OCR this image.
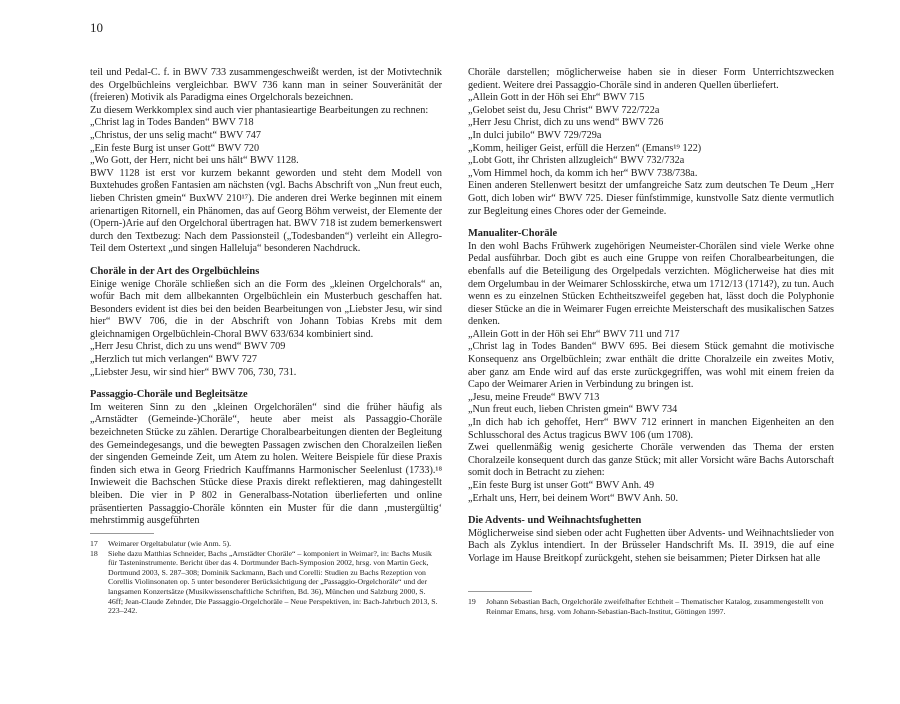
10

teil und Pedal-C. f. in BWV 733 zusammengeschweißt werden, ist der Motivtechnik des Orgelbüchleins vergleichbar. BWV 736 kann man in seiner Souveränität der (freieren) Motivik als Paradigma eines Orgelchorals bezeichnen.

Zu diesem Werkkomplex sind auch vier phantasieartige Bearbeitungen zu rechnen:

„Christ lag in Todes Banden“ BWV 718

„Christus, der uns selig macht“ BWV 747

„Ein feste Burg ist unser Gott“ BWV 720

„Wo Gott, der Herr, nicht bei uns hält“ BWV 1128.

BWV 1128 ist erst vor kurzem bekannt geworden und steht dem Modell von Buxtehudes großen Fantasien am nächsten (vgl. Bachs Abschrift von „Nun freut euch, lieben Christen gmein“ BuxWV 210¹⁷). Die anderen drei Werke beginnen mit einem arienartigen Ritornell, ein Phänomen, das auf Georg Böhm verweist, der Elemente der (Opern-)Arie auf den Orgelchoral übertragen hat. BWV 718 ist zudem bemerkenswert durch den Textbezug: Nach dem Passionsteil („Todesbanden“) verleiht ein Allegro-Teil dem Ostertext „und singen Halleluja“ besonderen Nachdruck.

Choräle in der Art des Orgelbüchleins

Einige wenige Choräle schließen sich an die Form des „kleinen Orgelchorals“ an, wofür Bach mit dem allbekannten Orgelbüchlein ein Musterbuch geschaffen hat. Besonders evident ist dies bei den beiden Bearbeitungen von „Liebster Jesu, wir sind hier“ BWV 706, die in der Abschrift von Johann Tobias Krebs mit dem gleichnamigen Orgelbüchlein-Choral BWV 633/634 kombiniert sind.

„Herr Jesu Christ, dich zu uns wend“ BWV 709

„Herzlich tut mich verlangen“ BWV 727

„Liebster Jesu, wir sind hier“ BWV 706, 730, 731.

Passaggio-Choräle und Begleitsätze

Im weiteren Sinn zu den „kleinen Orgelchorälen“ sind die früher häufig als „Arnstädter (Gemeinde-)Choräle“, heute aber meist als Passaggio-Choräle bezeichneten Stücke zu zählen. Derartige Choralbearbeitungen dienten der Begleitung des Gemeindegesangs, und die bewegten Passagen zwischen den Choralzeilen ließen der singenden Gemeinde Zeit, um Atem zu holen. Weitere Beispiele für diese Praxis finden sich etwa in Georg Friedrich Kauffmanns Harmonischer Seelenlust (1733).¹⁸ Inwieweit die Bachschen Stücke diese Praxis direkt reflektieren, mag dahingestellt bleiben. Die vier in P 802 in Generalbass-Notation überlieferten und online präsentierten Passaggio-Choräle könnten ein Muster für die dann ‚mustergültig‘ mehrstimmig ausgeführten

Choräle darstellen; möglicherweise haben sie in dieser Form Unterrichtszwecken gedient. Weitere drei Passaggio-Choräle sind in anderen Quellen überliefert.

„Allein Gott in der Höh sei Ehr“ BWV 715

„Gelobet seist du, Jesu Christ“ BWV 722/722a

„Herr Jesu Christ, dich zu uns wend“ BWV 726

„In dulci jubilo“ BWV 729/729a

„Komm, heiliger Geist, erfüll die Herzen“ (Emans¹⁹ 122)

„Lobt Gott, ihr Christen allzugleich“ BWV 732/732a

„Vom Himmel hoch, da komm ich her“ BWV 738/738a.

Einen anderen Stellenwert besitzt der umfangreiche Satz zum deutschen Te Deum „Herr Gott, dich loben wir“ BWV 725. Dieser fünfstimmige, kunstvolle Satz diente vermutlich zur Begleitung eines Chores oder der Gemeinde.

Manualiter-Choräle

In den wohl Bachs Frühwerk zugehörigen Neumeister-Chorälen sind viele Werke ohne Pedal ausführbar. Doch gibt es auch eine Gruppe von reifen Choralbearbeitungen, die ebenfalls auf die Beteiligung des Orgelpedals verzichten. Möglicherweise hat dies mit dem Orgelumbau in der Weimarer Schlosskirche, etwa um 1712/13 (1714?), zu tun. Auch wenn es zu einzelnen Stücken Echtheitszweifel gegeben hat, lässt doch die Polyphonie dieser Stücke an die in Weimarer Fugen erreichte Meisterschaft des musikalischen Satzes denken.

„Allein Gott in der Höh sei Ehr“ BWV 711 und 717

„Christ lag in Todes Banden“ BWV 695. Bei diesem Stück gemahnt die motivische Konsequenz ans Orgelbüchlein; zwar enthält die dritte Choralzeile ein zweites Motiv, aber ganz am Ende wird auf das erste zurückgegriffen, was wohl mit einem freien da Capo der Weimarer Arien in Verbindung zu bringen ist.

„Jesu, meine Freude“ BWV 713

„Nun freut euch, lieben Christen gmein“ BWV 734

„In dich hab ich gehoffet, Herr“ BWV 712 erinnert in manchen Eigenheiten an den Schlusschoral des Actus tragicus BWV 106 (um 1708).

Zwei quellenmäßig wenig gesicherte Choräle verwenden das Thema der ersten Choralzeile konsequent durch das ganze Stück; mit aller Vorsicht wäre Bachs Autorschaft somit doch in Betracht zu ziehen:

„Ein feste Burg ist unser Gott“ BWV Anh. 49

„Erhalt uns, Herr, bei deinem Wort“ BWV Anh. 50.

Die Advents- und Weihnachtsfughetten

Möglicherweise sind sieben oder acht Fughetten über Advents- und Weihnachtslieder von Bach als Zyklus intendiert. In der Brüsseler Handschrift Ms. II. 3919, die auf eine Vorlage im Hause Breitkopf zurückgeht, stehen sie beisammen; Pieter Dirksen hat alle

17	Weimarer Orgeltabulatur (wie Anm. 5).
18	Siehe dazu Matthias Schneider, Bachs „Arnstädter Choräle“ – komponiert in Weimar?, in: Bachs Musik für Tasteninstrumente. Bericht über das 4. Dortmunder Bach-Symposion 2002, hrsg. von Martin Geck, Dortmund 2003, S. 287–308; Dominik Sackmann, Bach und Corelli: Studien zu Bachs Rezeption von Corellis Violinsonaten op. 5 unter besonderer Berücksichtigung der „Passaggio-Orgelchoräle“ und der langsamen Konzertsätze (Musikwissenschaftliche Schriften, Bd. 36), München und Salzburg 2000, S. 46ff; Jean-Claude Zehnder, Die Passaggio-Orgelchoräle – Neue Perspektiven, in: Bach-Jahrbuch 2013, S. 223–242.
19	Johann Sebastian Bach, Orgelchoräle zweifelhafter Echtheit – Thematischer Katalog, zusammengestellt von Reinmar Emans, hrsg. vom Johann-Sebastian-Bach-Institut, Göttingen 1997.
